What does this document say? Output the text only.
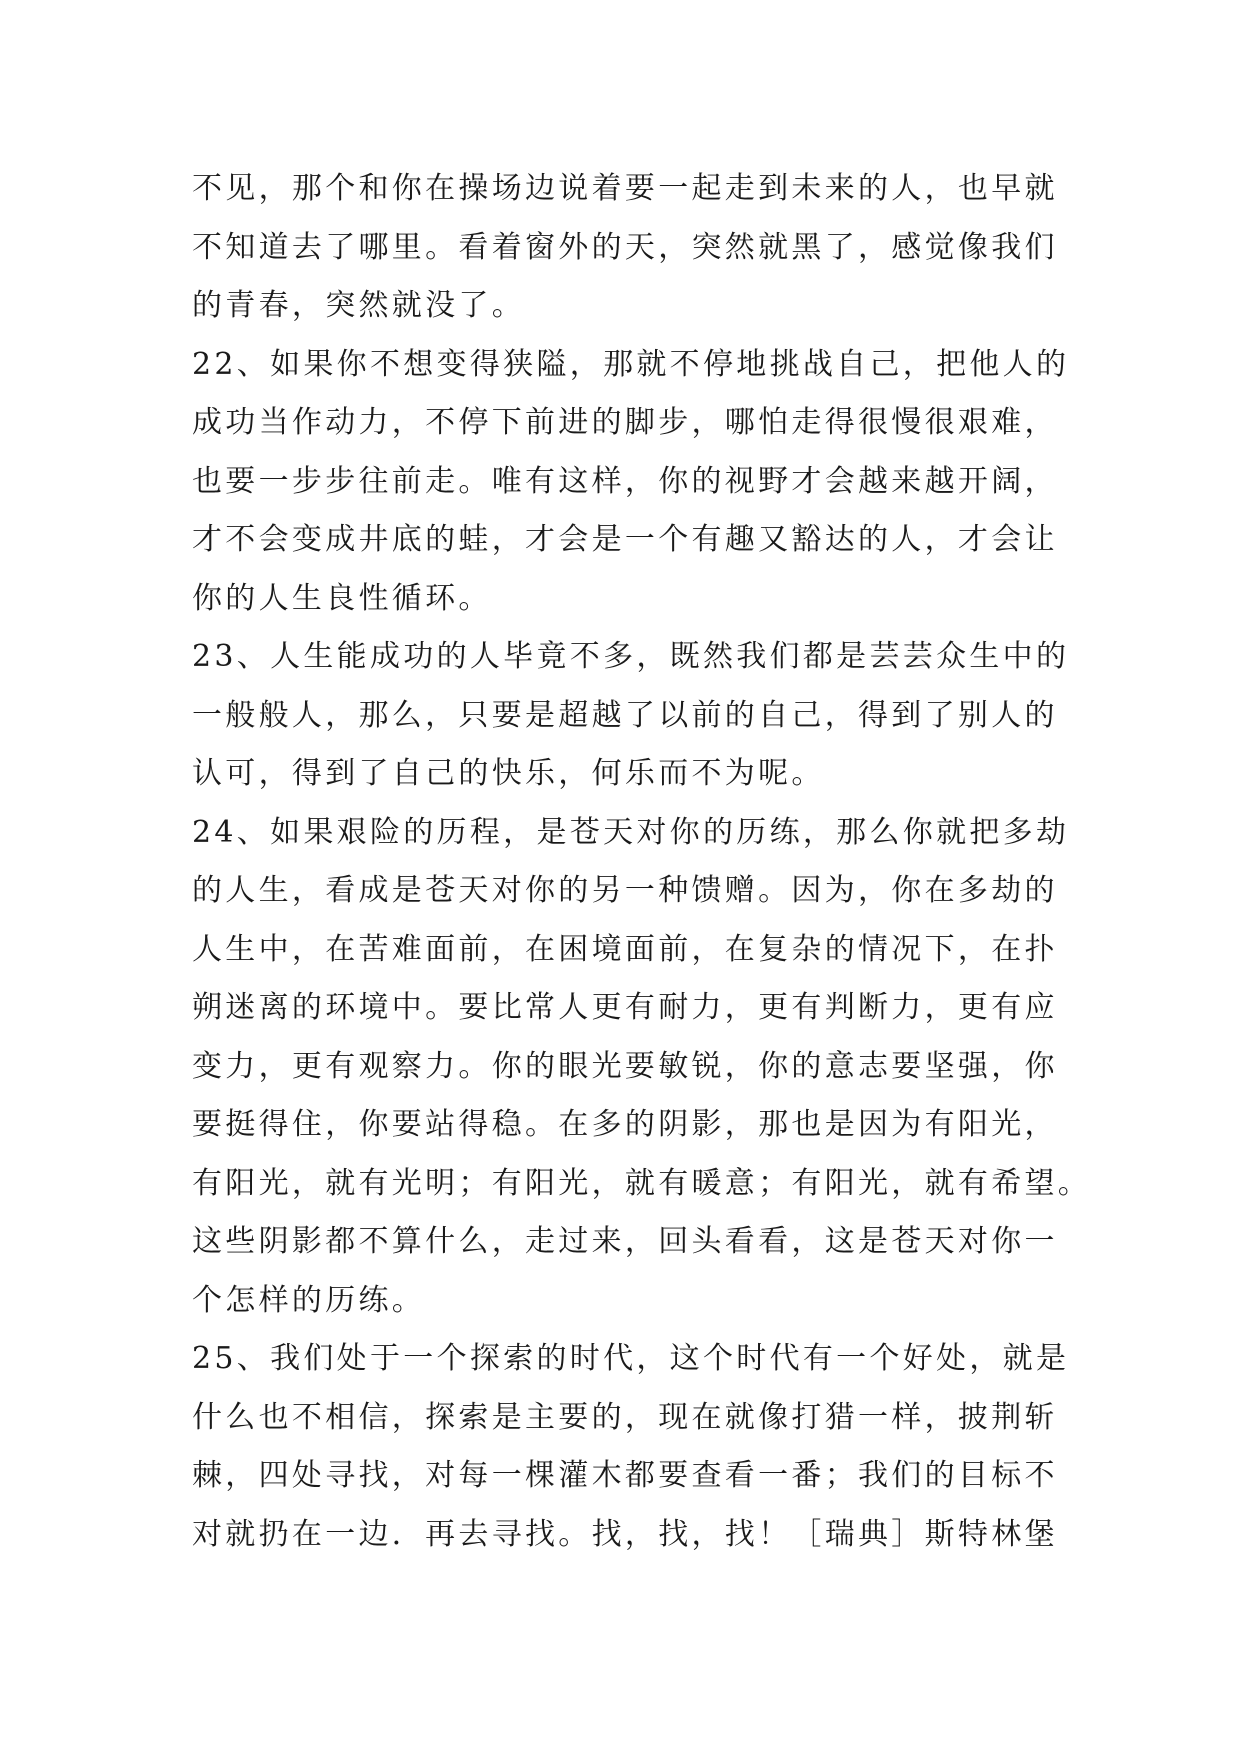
不见，那个和你在操场边说着要一起走到未来的人，也早就
不知道去了哪里。看着窗外的天，突然就黑了，感觉像我们
的青春，突然就没了。
22、如果你不想变得狭隘，那就不停地挑战自己，把他人的
成功当作动力，不停下前进的脚步，哪怕走得很慢很艰难，
也要一步步往前走。唯有这样，你的视野才会越来越开阔，
才不会变成井底的蛙，才会是一个有趣又豁达的人，才会让
你的人生良性循环。
23、人生能成功的人毕竟不多，既然我们都是芸芸众生中的
一般般人，那么，只要是超越了以前的自己，得到了别人的
认可，得到了自己的快乐，何乐而不为呢。
24、如果艰险的历程，是苍天对你的历练，那么你就把多劫
的人生，看成是苍天对你的另一种馈赠。因为，你在多劫的
人生中，在苦难面前，在困境面前，在复杂的情况下，在扑
朔迷离的环境中。要比常人更有耐力，更有判断力，更有应
变力，更有观察力。你的眼光要敏锐，你的意志要坚强，你
要挺得住，你要站得稳。在多的阴影，那也是因为有阳光，
有阳光，就有光明；有阳光，就有暖意；有阳光，就有希望。
这些阴影都不算什么，走过来，回头看看，这是苍天对你一
个怎样的历练。
25、我们处于一个探索的时代，这个时代有一个好处，就是
什么也不相信，探索是主要的，现在就像打猎一样，披荆斩
棘，四处寻找，对每一棵灌木都要查看一番；我们的目标不
对就扔在一边．再去寻找。找，找，找！［瑞典］斯特林堡
